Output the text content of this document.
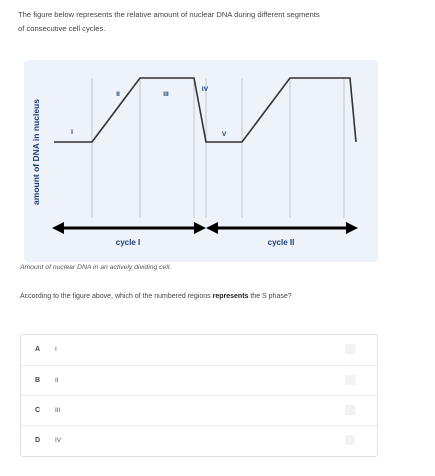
The figure below represents the relative amount of nuclear DNA during different segments
of consecutive cell cycles.
amount of DNA in nucleus	I
II	III
IV
V
cycle I	cycle II
Amount of nuclear DNA in an actively dividing cell.
According to the figure above, which of the numbered regions represents the S phase?
A I
B II
C III
D IV
